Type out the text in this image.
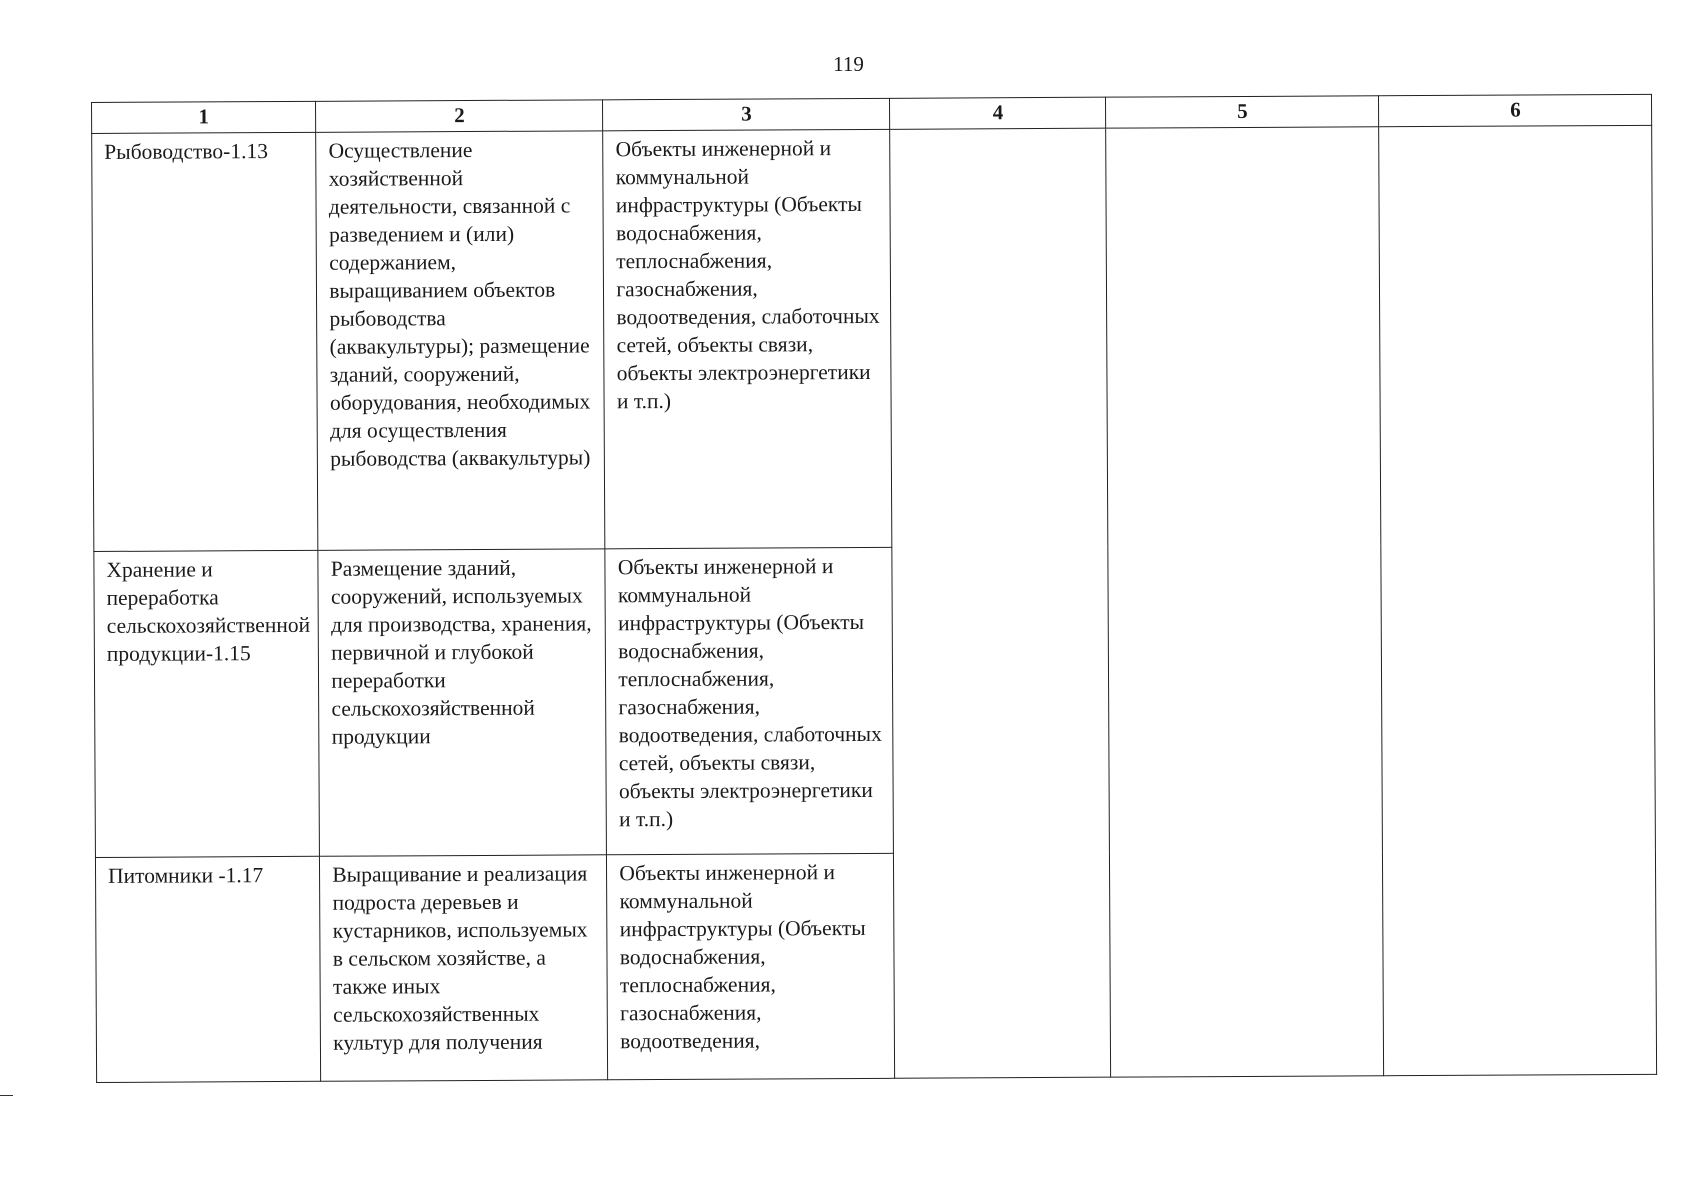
119
1	2	3	4	5	6

Рыбоводство-1.13	Осуществление хозяйственной деятельности, связанной с разведением и (или) содержанием, выращиванием объектов рыбоводства (аквакультуры); размещение зданий, сооружений, оборудования, необходимых для осуществления рыбоводства (аквакультуры)	Объекты инженерной и коммунальной инфраструктуры (Объекты водоснабжения, теплоснабжения, газоснабжения, водоотведения, слаботочных сетей, объекты связи, объекты электроэнергетики и т.п.)			

Хранение и переработка сельскохозяйственной продукции-1.15	Размещение зданий, сооружений, используемых для производства, хранения, первичной и глубокой переработки сельскохозяйственной продукции	Объекты инженерной и коммунальной инфраструктуры (Объекты водоснабжения, теплоснабжения, газоснабжения, водоотведения, слаботочных сетей, объекты связи, объекты электроэнергетики и т.п.)			

Питомники -1.17	Выращивание и реализация подроста деревьев и кустарников, используемых в сельском хозяйстве, а также иных сельскохозяйственных культур для получения	Объекты инженерной и коммунальной инфраструктуры (Объекты водоснабжения, теплоснабжения, газоснабжения, водоотведения,			
